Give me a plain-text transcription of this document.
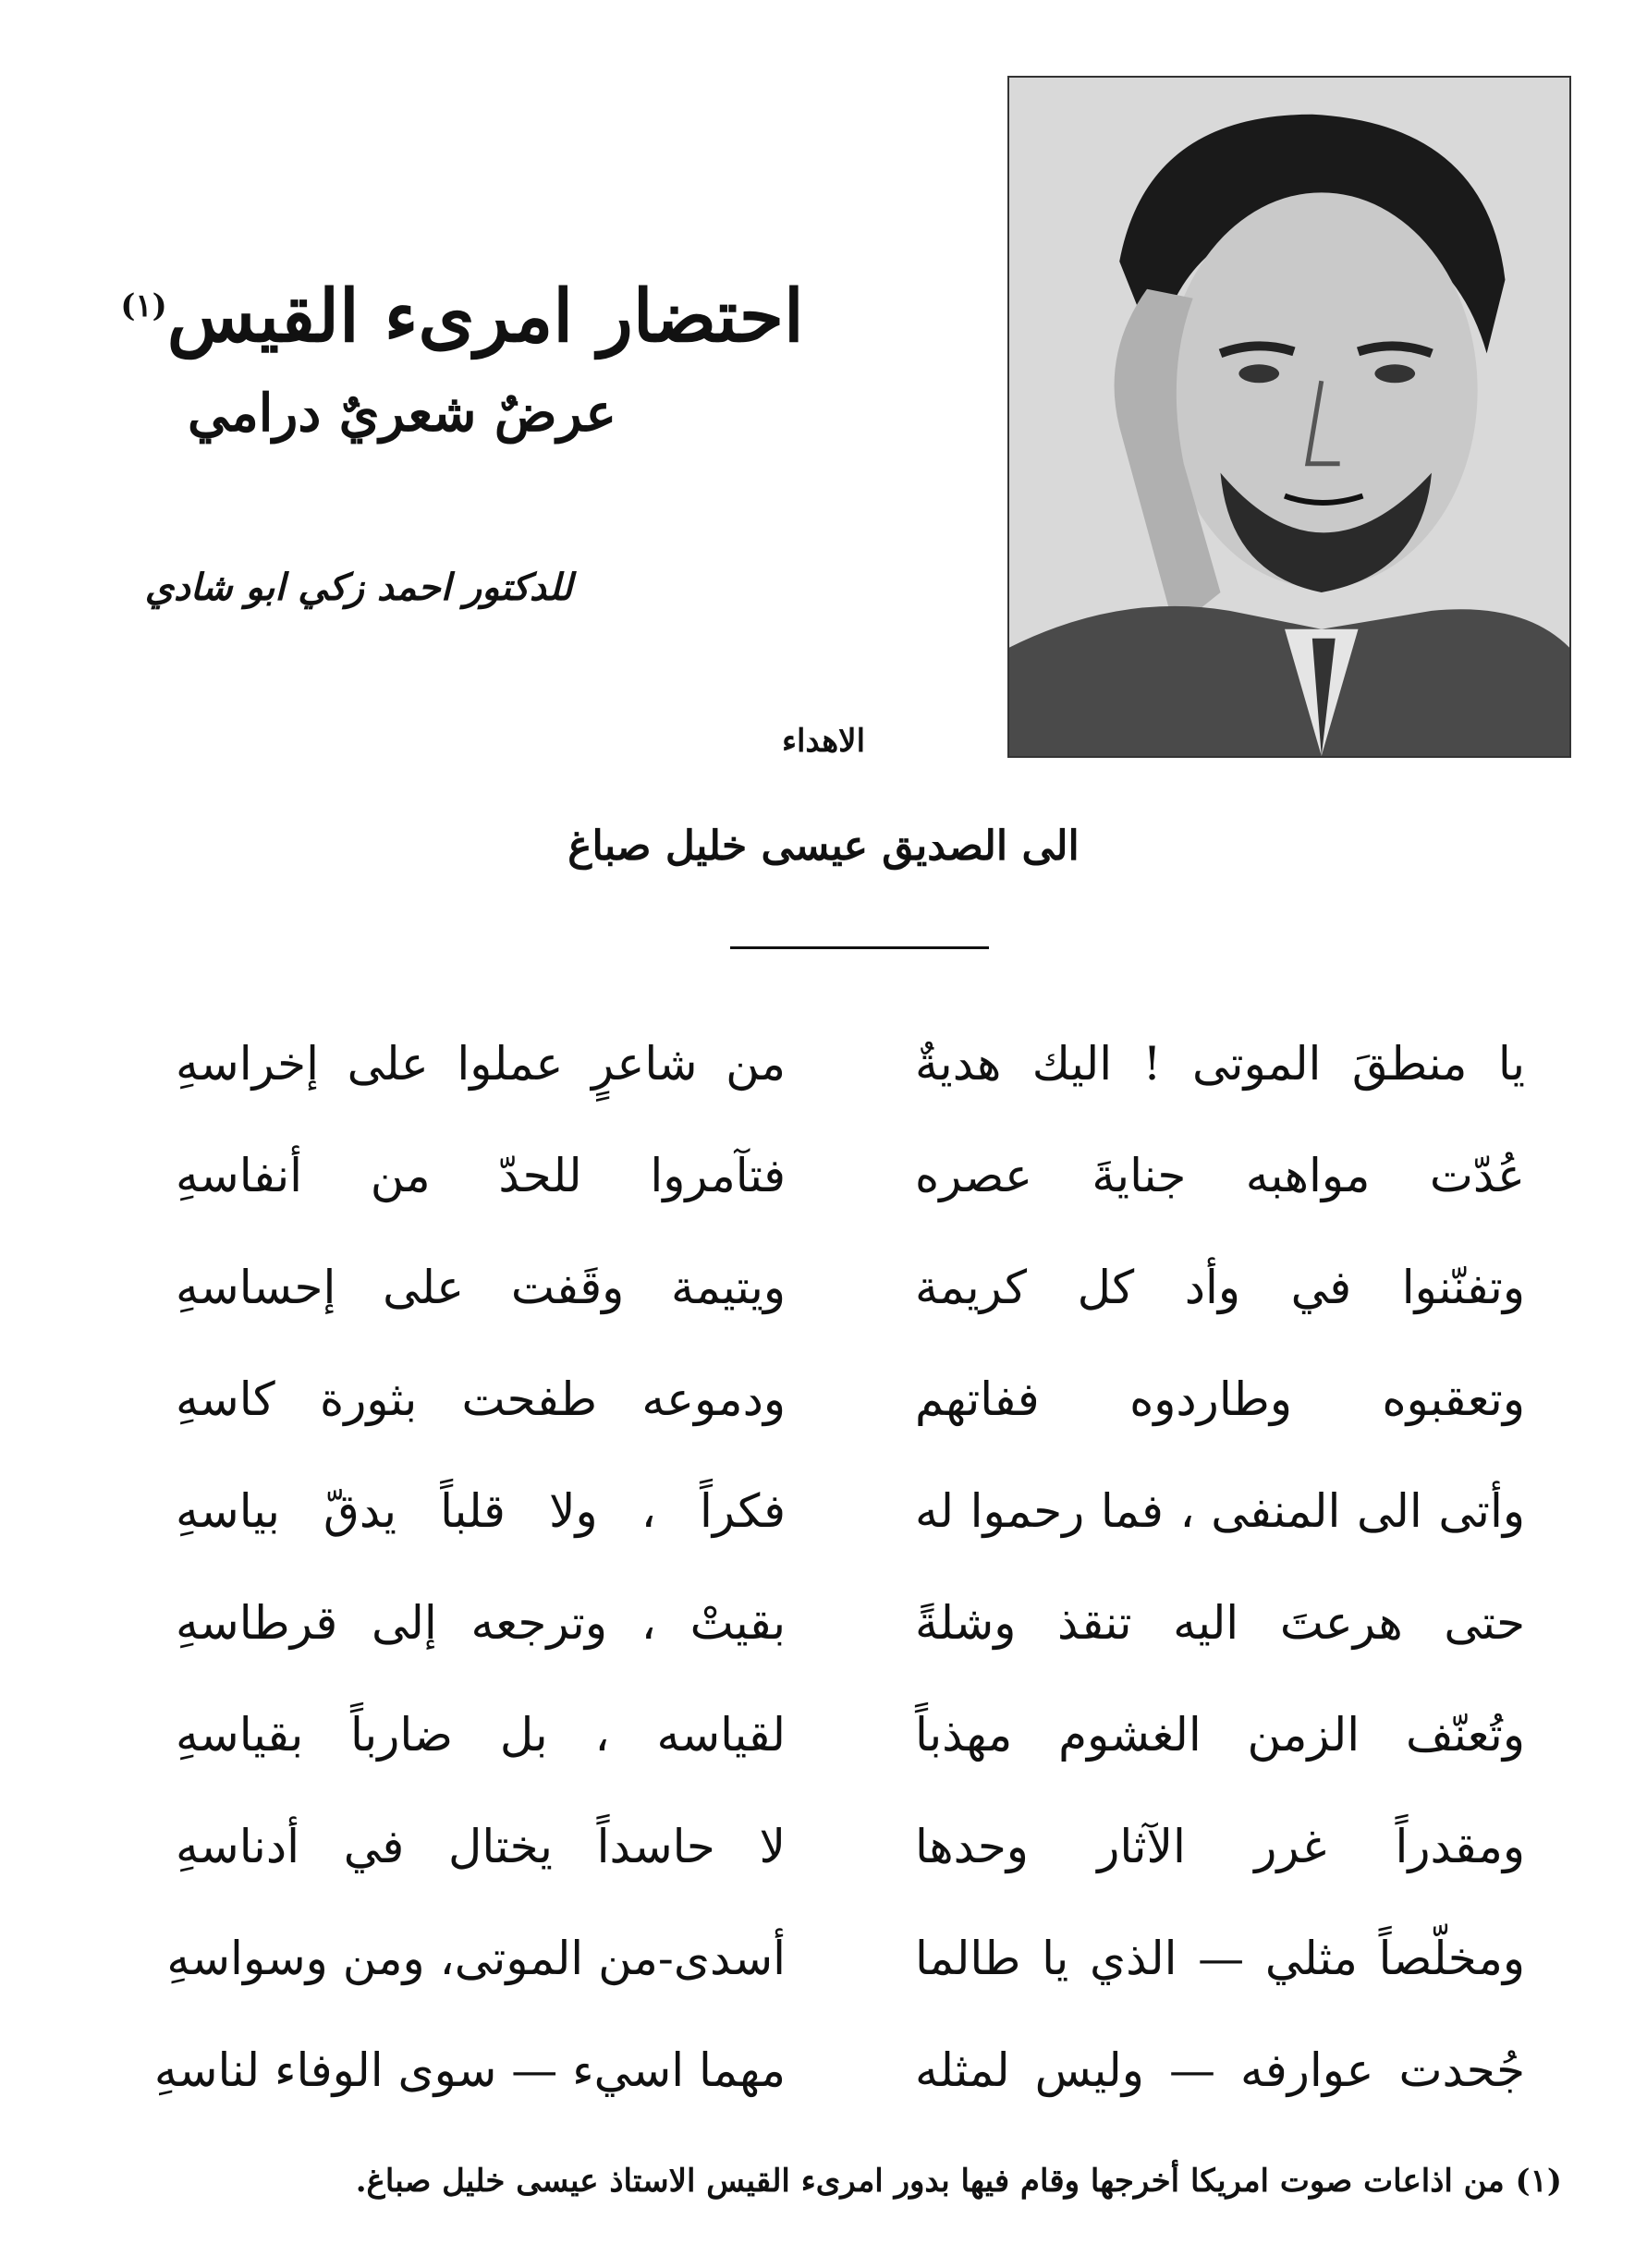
احتضار امرىء القيس$^{(١)}$
عرضٌ شعريٌ درامي
للدكتور احمد زكي ابو شادي
الاهداء
الى الصديق عيسى خليل صباغ
يا منطقَ الموتى ! اليك هديةٌ
من شاعرٍ عملوا على إخراسهِ
عُدّت مواهبه جنايةَ عصره
فتآمروا للحدّ من أنفاسهِ
وتفنّنوا في وأد كل كريمة
ويتيمة وقَفت على إحساسهِ
وتعقبوه وطاردوه ففاتهم
ودموعه طفحت بثورة كاسهِ
وأتى الى المنفى ، فما رحموا له
فكراً ، ولا قلباً يدقّ بياسهِ
حتى هرعتَ اليه تنقذ وشلةً
بقيتْ ، وترجعه إلى قرطاسهِ
وتُعنّف الزمن الغشوم مهذباً
لقياسه ، بل ضارباً بقياسهِ
ومقدراً غرر الآثار وحدها
لا حاسداً يختال في أدناسهِ
ومخلّصاً مثلي — الذي يا طالما
أسدى-من الموتى، ومن وسواسهِ
جُحدت عوارفه — وليس لمثله
مهما اسيء — سوى الوفاء لناسهِ
(١) من اذاعات صوت امريكا أخرجها وقام فيها بدور امرىء القيس الاستاذ عيسى خليل صباغ.
